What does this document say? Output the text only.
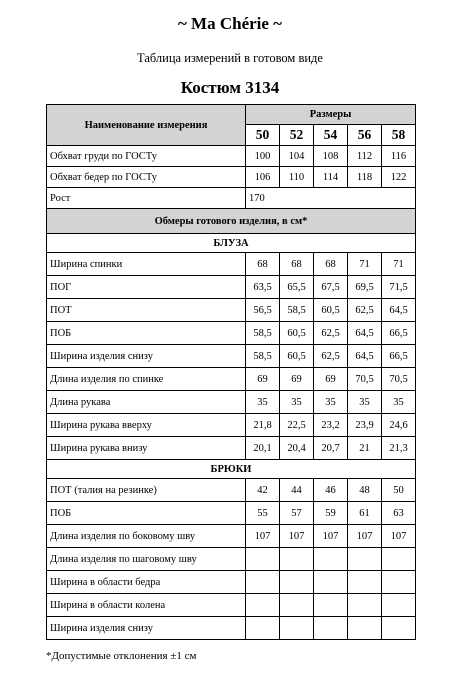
~ Ma Chérie ~
Таблица измерений в готовом виде
Костюм 3134
Наименование измерения	Размеры				
	50	52	54	56	58
Обхват груди по ГОСТу	100	104	108	112	116
Обхват бедер по ГОСТу	106	110	114	118	122
Рост	170				
Обмеры готового изделия, в см*					
БЛУЗА					
Ширина спинки	68	68	68	71	71
ПОГ	63,5	65,5	67,5	69,5	71,5
ПОТ	56,5	58,5	60,5	62,5	64,5
ПОБ	58,5	60,5	62,5	64,5	66,5
Ширина изделия снизу	58,5	60,5	62,5	64,5	66,5
Длина изделия по спинке	69	69	69	70,5	70,5
Длина рукава	35	35	35	35	35
Ширина рукава вверху	21,8	22,5	23,2	23,9	24,6
Ширина рукава внизу	20,1	20,4	20,7	21	21,3
БРЮКИ					
ПОТ (талия на резинке)	42	44	46	48	50
ПОБ	55	57	59	61	63
Длина изделия по боковому шву	107	107	107	107	107
Длина изделия по шаговому шву					
Ширина в области бедра					
Ширина в области колена					
Ширина изделия снизу					
*Допустимые отклонения ±1 см
